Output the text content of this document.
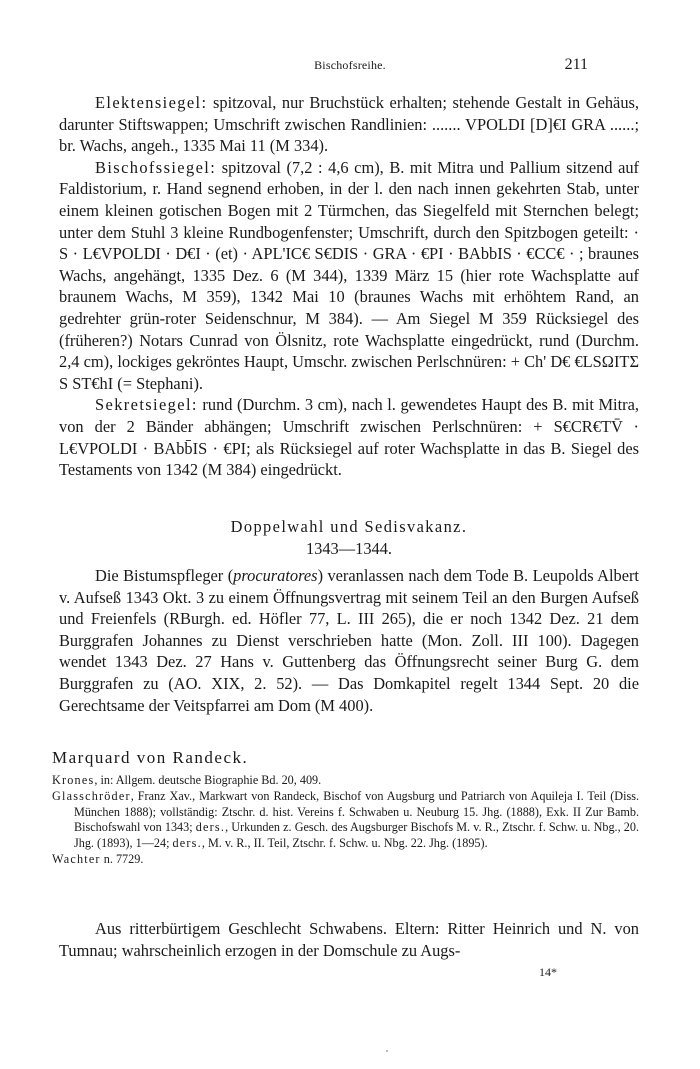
Bischofsreihe.	211

Elektensiegel: spitzoval, nur Bruchstück erhalten; stehende Gestalt in Gehäus, darunter Stiftswappen; Umschrift zwischen Randlinien: ....... VPOLDI [D]€I GRA ......; br. Wachs, angeh., 1335 Mai 11 (M 334).

Bischofssiegel: spitzoval (7,2 : 4,6 cm), B. mit Mitra und Pallium sitzend auf Faldistorium, r. Hand segnend erhoben, in der l. den nach innen gekehrten Stab, unter einem kleinen gotischen Bogen mit 2 Türmchen, das Siegelfeld mit Sternchen belegt; unter dem Stuhl 3 kleine Rundbogenfenster; Umschrift, durch den Spitzbogen geteilt: · S · L€VPOLDI · D€I · (et) · APL'IC€ S€DIS · GRA · €PI · BAbbIS · €CC€ · ; braunes Wachs, angehängt, 1335 Dez. 6 (M 344), 1339 März 15 (hier rote Wachsplatte auf braunem Wachs, M 359), 1342 Mai 10 (braunes Wachs mit erhöhtem Rand, an gedrehter grün-roter Seidenschnur, M 384). — Am Siegel M 359 Rücksiegel des (früheren?) Notars Cunrad von Ölsnitz, rote Wachsplatte eingedrückt, rund (Durchm. 2,4 cm), lockiges gekröntes Haupt, Umschr. zwischen Perlschnüren: + Ch' D€ €LSΩITΣ S ST€hI (= Stephani).

Sekretsiegel: rund (Durchm. 3 cm), nach l. gewendetes Haupt des B. mit Mitra, von der 2 Bänder abhängen; Umschrift zwischen Perlschnüren: + S€CR€TV̄ · L€VPOLDI · BAbb̄IS · €PI; als Rücksiegel auf roter Wachsplatte in das B. Siegel des Testaments von 1342 (M 384) eingedrückt.

Doppelwahl und Sedisvakanz.

1343—1344.

Die Bistumspfleger (procuratores) veranlassen nach dem Tode B. Leupolds Albert v. Aufseß 1343 Okt. 3 zu einem Öffnungsvertrag mit seinem Teil an den Burgen Aufseß und Freienfels (RBurgh. ed. Höfler 77, L. III 265), die er noch 1342 Dez. 21 dem Burggrafen Johannes zu Dienst verschrieben hatte (Mon. Zoll. III 100). Dagegen wendet 1343 Dez. 27 Hans v. Guttenberg das Öffnungsrecht seiner Burg G. dem Burggrafen zu (AO. XIX, 2. 52). — Das Domkapitel regelt 1344 Sept. 20 die Gerechtsame der Veitspfarrei am Dom (M 400).

Marquard von Randeck.

Krones, in: Allgem. deutsche Biographie Bd. 20, 409.

Glasschröder, Franz Xav., Markwart von Randeck, Bischof von Augsburg und Patriarch von Aquileja I. Teil (Diss. München 1888); vollständig: Ztschr. d. hist. Vereins f. Schwaben u. Neuburg 15. Jhg. (1888), Exk. II Zur Bamb. Bischofswahl von 1343; ders., Urkunden z. Gesch. des Augsburger Bischofs M. v. R., Ztschr. f. Schw. u. Nbg., 20. Jhg. (1893), 1—24; ders., M. v. R., II. Teil, Ztschr. f. Schw. u. Nbg. 22. Jhg. (1895).

Wachter n. 7729.

Aus ritterbürtigem Geschlecht Schwabens. Eltern: Ritter Heinrich und N. von Tumnau; wahrscheinlich erzogen in der Domschule zu Augs-

14*
